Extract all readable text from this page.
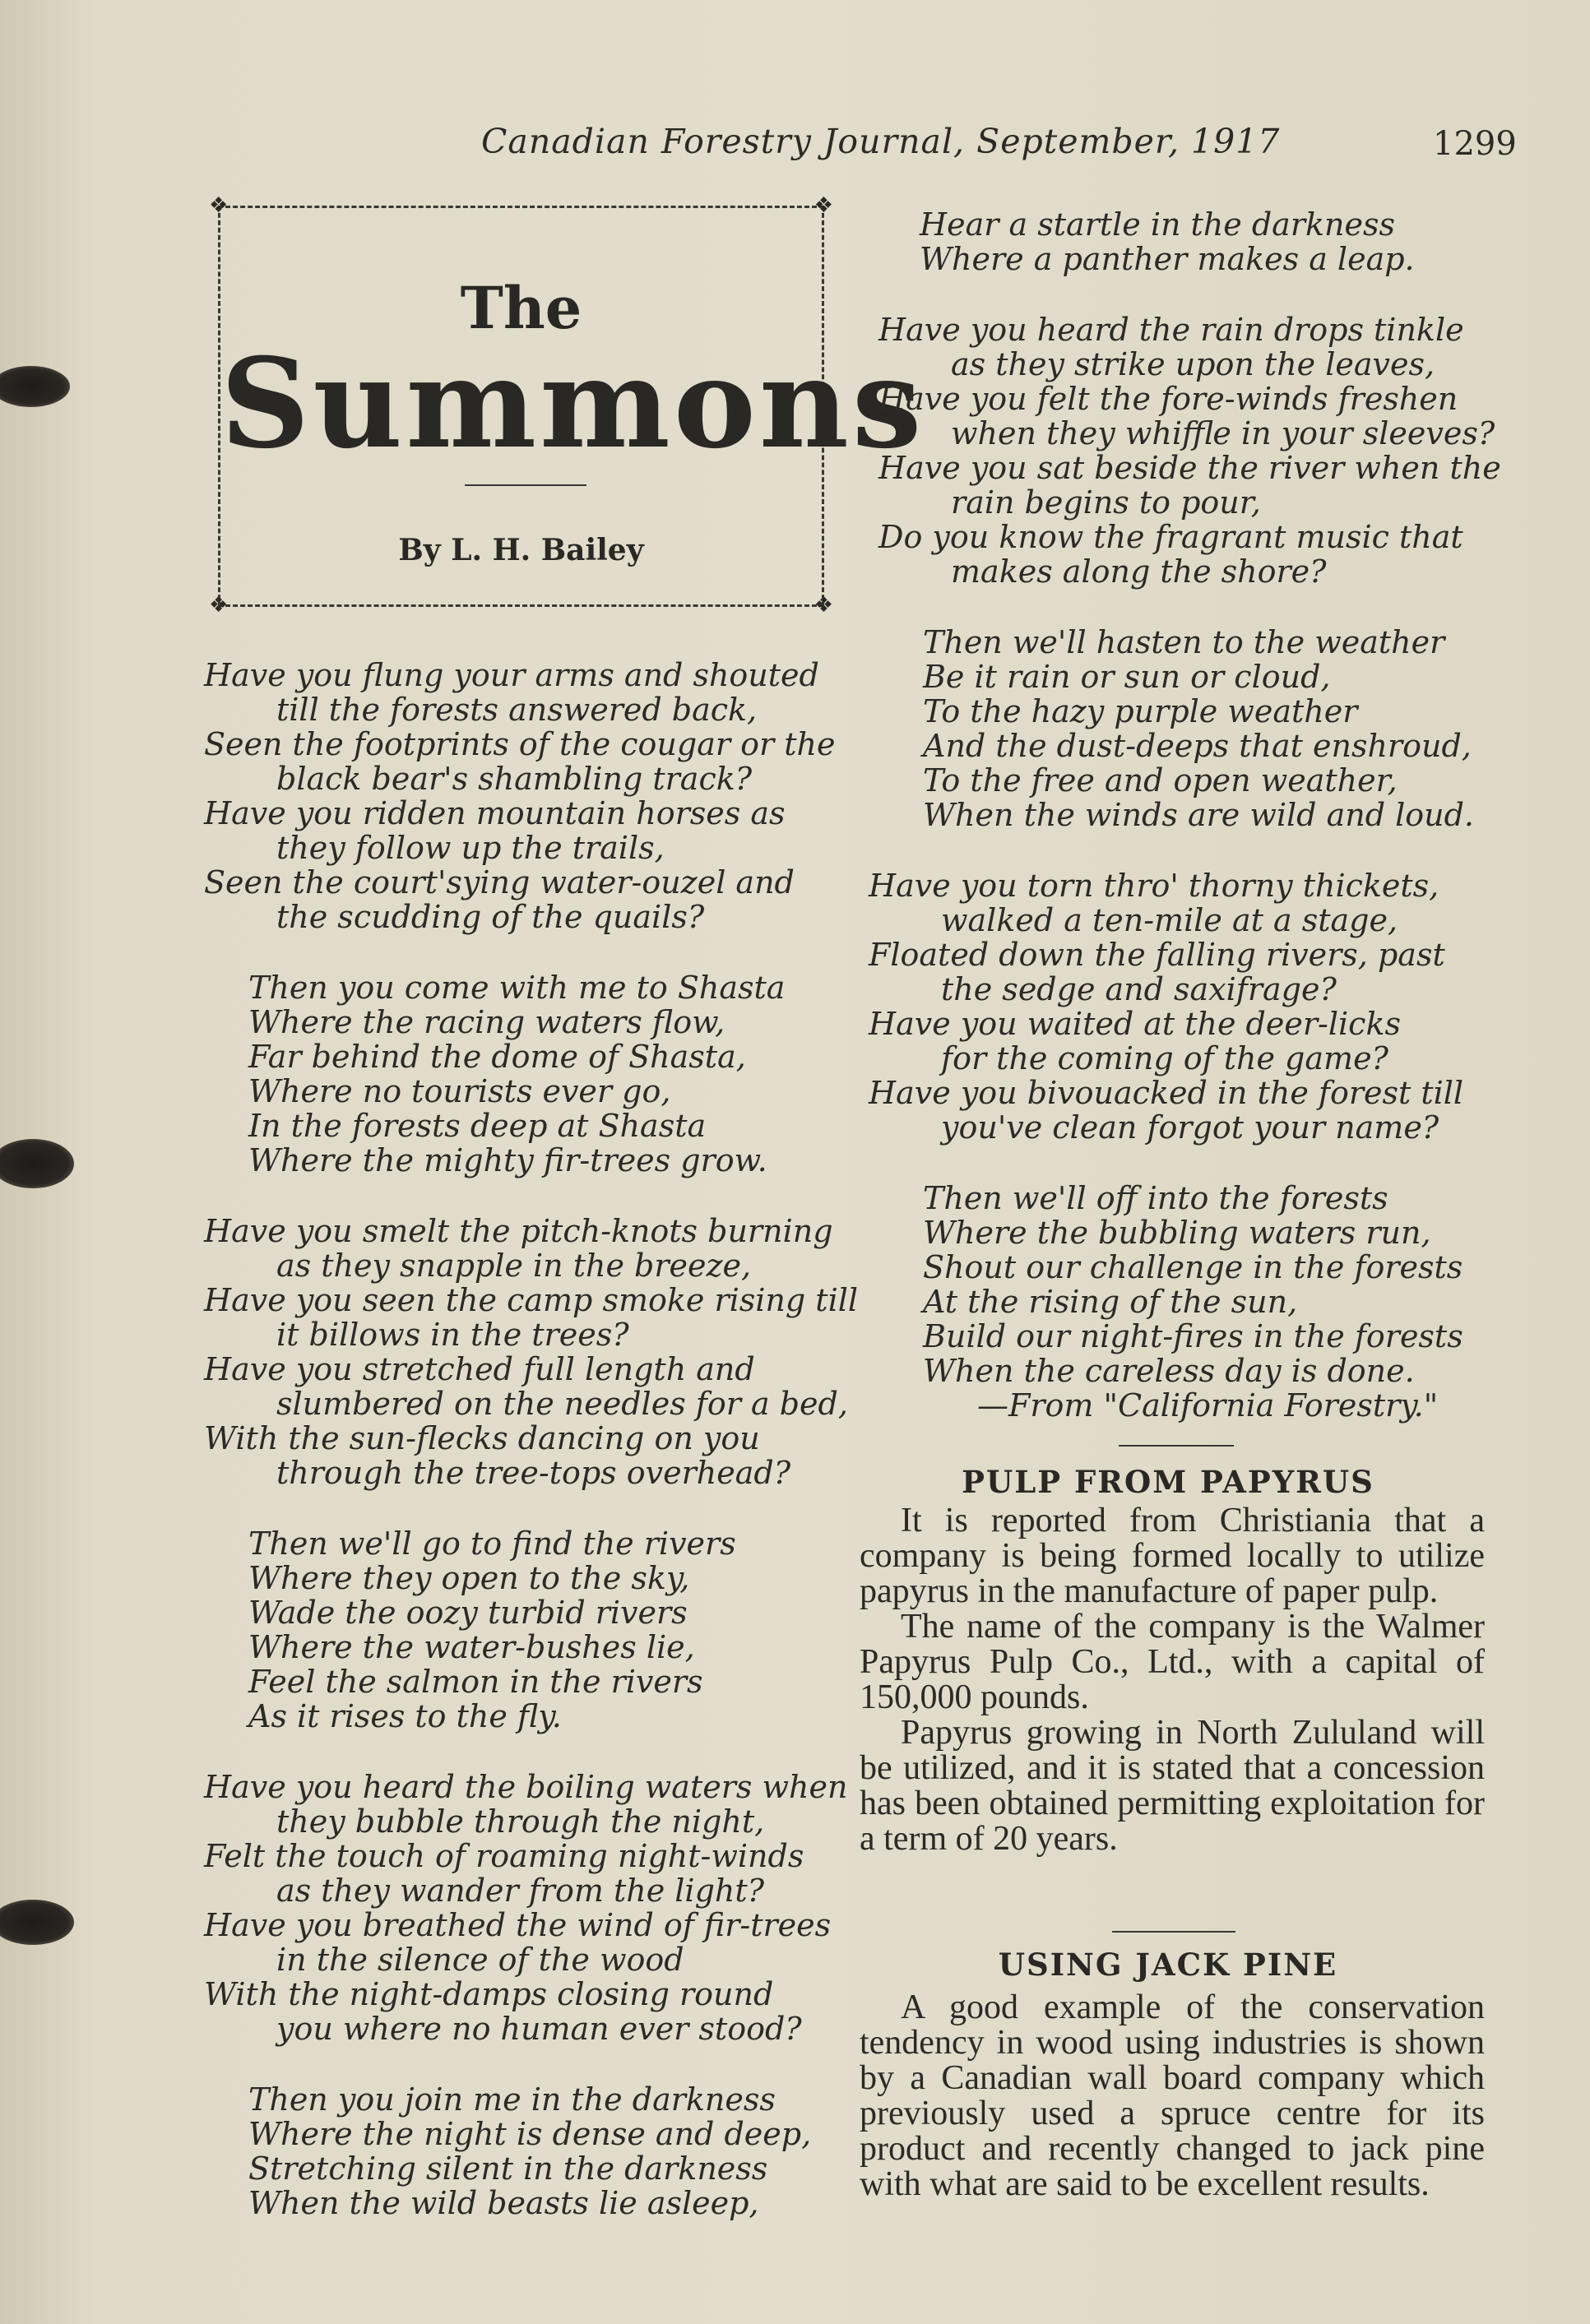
Canadian Forestry Journal, September, 1917	1299
❖	❖
❖	❖
The
Summons
By L. H. Bailey
Have you flung your arms and shouted
till the forests answered back,
Seen the footprints of the cougar or the
black bear's shambling track?
Have you ridden mountain horses as
they follow up the trails,
Seen the court'sying water-ouzel and
the scudding of the quails?
Then you come with me to Shasta
Where the racing waters flow,
Far behind the dome of Shasta,
Where no tourists ever go,
In the forests deep at Shasta
Where the mighty fir-trees grow.
Have you smelt the pitch-knots burning
as they snapple in the breeze,
Have you seen the camp smoke rising till
it billows in the trees?
Have you stretched full length and
slumbered on the needles for a bed,
With the sun-flecks dancing on you
through the tree-tops overhead?
Then we'll go to find the rivers
Where they open to the sky,
Wade the oozy turbid rivers
Where the water-bushes lie,
Feel the salmon in the rivers
As it rises to the fly.
Have you heard the boiling waters when
they bubble through the night,
Felt the touch of roaming night-winds
as they wander from the light?
Have you breathed the wind of fir-trees
in the silence of the wood
With the night-damps closing round
you where no human ever stood?
Then you join me in the darkness
Where the night is dense and deep,
Stretching silent in the darkness
When the wild beasts lie asleep,
Hear a startle in the darkness
Where a panther makes a leap.
Have you heard the rain drops tinkle
as they strike upon the leaves,
Have you felt the fore-winds freshen
when they whiffle in your sleeves?
Have you sat beside the river when the
rain begins to pour,
Do you know the fragrant music that
makes along the shore?
Then we'll hasten to the weather
Be it rain or sun or cloud,
To the hazy purple weather
And the dust-deeps that enshroud,
To the free and open weather,
When the winds are wild and loud.
Have you torn thro' thorny thickets,
walked a ten-mile at a stage,
Floated down the falling rivers, past
the sedge and saxifrage?
Have you waited at the deer-licks
for the coming of the game?
Have you bivouacked in the forest till
you've clean forgot your name?
Then we'll off into the forests
Where the bubbling waters run,
Shout our challenge in the forests
At the rising of the sun,
Build our night-fires in the forests
When the careless day is done.
—From "California Forestry."
PULP FROM PAPYRUS

It is reported from Christiania that a company is being formed locally to utilize papyrus in the manufacture of paper pulp.

The name of the company is the Walmer Papyrus Pulp Co., Ltd., with a capital of 150,000 pounds.

Papyrus growing in North Zululand will be utilized, and it is stated that a concession has been obtained permitting exploitation for a term of 20 years.

USING JACK PINE

A good example of the conservation tendency in wood using industries is shown by a Canadian wall board company which previously used a spruce centre for its product and recently changed to jack pine with what are said to be excellent results.
